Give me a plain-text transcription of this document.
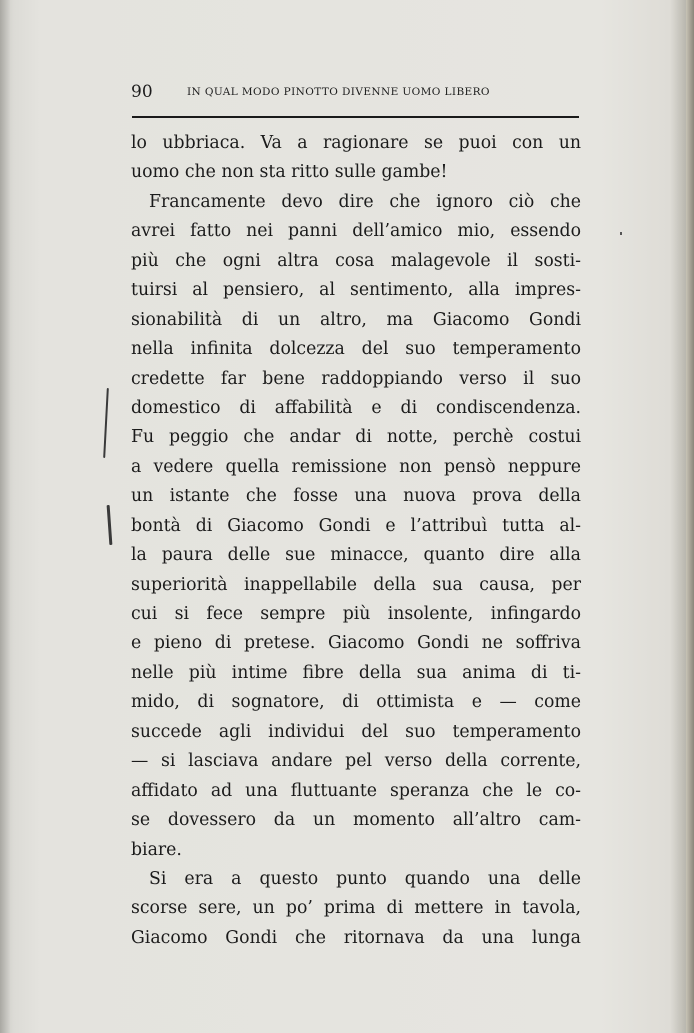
90	IN QUAL MODO PINOTTO DIVENNE UOMO LIBERO
lo ubbriaca. Va a ragionare se puoi con un
uomo che non sta ritto sulle gambe!
Francamente devo dire che ignoro ciò che
avrei fatto nei panni dell’amico mio, essendo
più che ogni altra cosa malagevole il sosti-
tuirsi al pensiero, al sentimento, alla impres-
sionabilità di un altro, ma Giacomo Gondi
nella infinita dolcezza del suo temperamento
credette far bene raddoppiando verso il suo
domestico di affabilità e di condiscendenza.
Fu peggio che andar di notte, perchè costui
a vedere quella remissione non pensò neppure
un istante che fosse una nuova prova della
bontà di Giacomo Gondi e l’attribuì tutta al-
la paura delle sue minacce, quanto dire alla
superiorità inappellabile della sua causa, per
cui si fece sempre più insolente, infingardo
e pieno di pretese. Giacomo Gondi ne soffriva
nelle più intime fibre della sua anima di ti-
mido, di sognatore, di ottimista e — come
succede agli individui del suo temperamento
— si lasciava andare pel verso della corrente,
affidato ad una fluttuante speranza che le co-
se dovessero da un momento all’altro cam-
biare.
Si era a questo punto quando una delle
scorse sere, un po’ prima di mettere in tavola,
Giacomo Gondi che ritornava da una lunga
